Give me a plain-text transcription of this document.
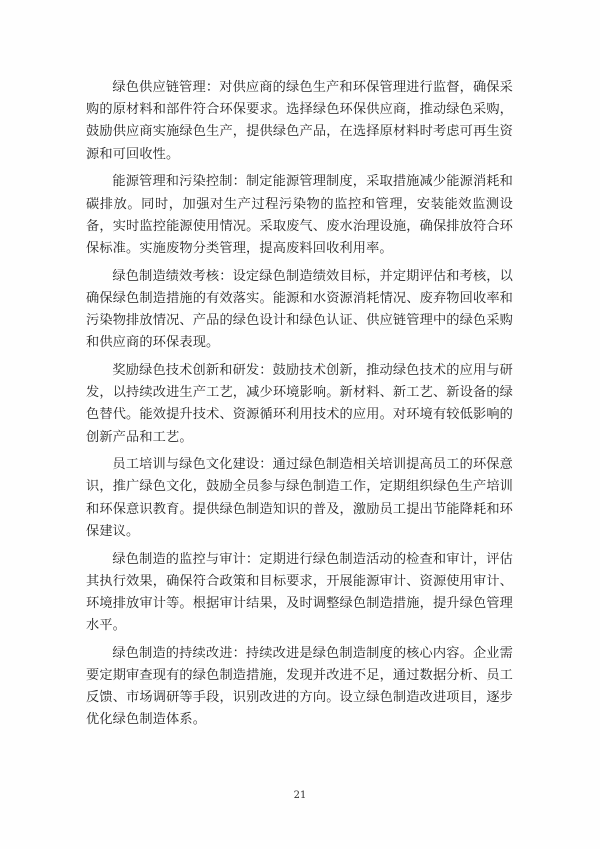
绿色供应链管理：对供应商的绿色生产和环保管理进行监督，确保采购的原材料和部件符合环保要求。选择绿色环保供应商，推动绿色采购，鼓励供应商实施绿色生产，提供绿色产品，在选择原材料时考虑可再生资源和可回收性。

能源管理和污染控制：制定能源管理制度，采取措施减少能源消耗和碳排放。同时，加强对生产过程污染物的监控和管理，安装能效监测设备，实时监控能源使用情况。采取废气、废水治理设施，确保排放符合环保标准。实施废物分类管理，提高废料回收利用率。

绿色制造绩效考核：设定绿色制造绩效目标，并定期评估和考核，以确保绿色制造措施的有效落实。能源和水资源消耗情况、废弃物回收率和污染物排放情况、产品的绿色设计和绿色认证、供应链管理中的绿色采购和供应商的环保表现。

奖励绿色技术创新和研发：鼓励技术创新，推动绿色技术的应用与研发，以持续改进生产工艺，减少环境影响。新材料、新工艺、新设备的绿色替代。能效提升技术、资源循环利用技术的应用。对环境有较低影响的创新产品和工艺。

员工培训与绿色文化建设：通过绿色制造相关培训提高员工的环保意识，推广绿色文化，鼓励全员参与绿色制造工作，定期组织绿色生产培训和环保意识教育。提供绿色制造知识的普及，激励员工提出节能降耗和环保建议。

绿色制造的监控与审计：定期进行绿色制造活动的检查和审计，评估其执行效果，确保符合政策和目标要求，开展能源审计、资源使用审计、环境排放审计等。根据审计结果，及时调整绿色制造措施，提升绿色管理水平。

绿色制造的持续改进：持续改进是绿色制造制度的核心内容。企业需要定期审查现有的绿色制造措施，发现并改进不足，通过数据分析、员工反馈、市场调研等手段，识别改进的方向。设立绿色制造改进项目，逐步优化绿色制造体系。

21
